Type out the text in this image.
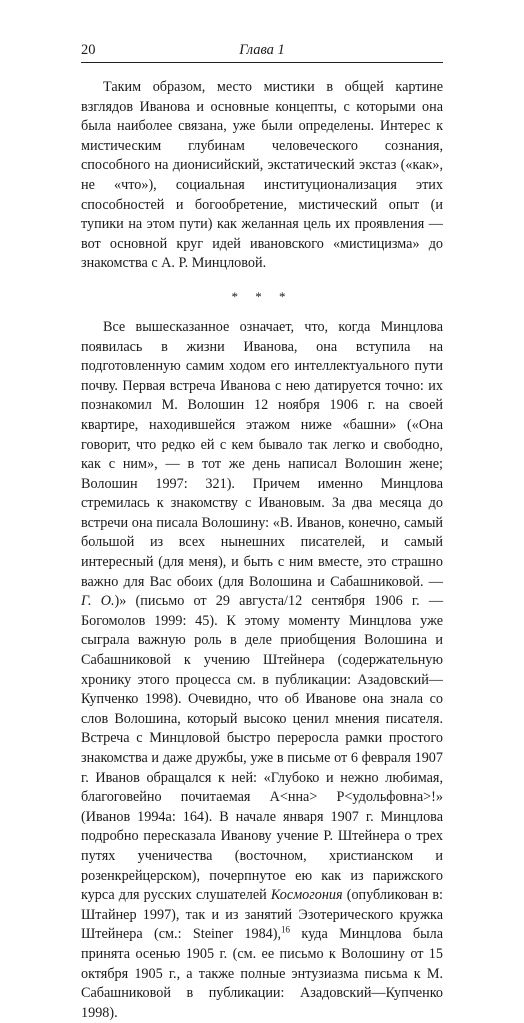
20	Глава 1

Таким образом, место мистики в общей картине взглядов Иванова и основные концепты, с которыми она была наиболее связана, уже были определены. Интерес к мистическим глубинам человеческого сознания, способного на дионисийский, экстатический экстаз («как», не «что»), социальная институционализация этих способностей и богообретение, мистический опыт (и тупики на этом пути) как желанная цель их проявления — вот основной круг идей ивановского «мистицизма» до знакомства с А. Р. Минцловой.

* * *

Все вышесказанное означает, что, когда Минцлова появилась в жизни Иванова, она вступила на подготовленную самим ходом его интеллектуального пути почву. Первая встреча Иванова с нею датируется точно: их познакомил М. Волошин 12 ноября 1906 г. на своей квартире, находившейся этажом ниже «башни» («Она говорит, что редко ей с кем бывало так легко и свободно, как с ним», — в тот же день написал Волошин жене; Волошин 1997: 321). Причем именно Минцлова стремилась к знакомству с Ивановым. За два месяца до встречи она писала Волошину: «В. Иванов, конечно, самый большой из всех нынешних писателей, и самый интересный (для меня), и быть с ним вместе, это страшно важно для Вас обоих (для Волошина и Сабашниковой. — Г. О.)» (письмо от 29 августа/12 сентября 1906 г. — Богомолов 1999: 45). К этому моменту Минцлова уже сыграла важную роль в деле приобщения Волошина и Сабашниковой к учению Штейнера (содержательную хронику этого процесса см. в публикации: Азадовский—Купченко 1998). Очевидно, что об Иванове она знала со слов Волошина, который высоко ценил мнения писателя. Встреча с Минцловой быстро переросла рамки простого знакомства и даже дружбы, уже в письме от 6 февраля 1907 г. Иванов обращался к ней: «Глубоко и нежно любимая, благоговейно почитаемая А<нна> Р<удольфовна>!» (Иванов 1994а: 164). В начале января 1907 г. Минцлова подробно пересказала Иванову учение Р. Штейнера о трех путях ученичества (восточном, христианском и розенкрейцерском), почерпнутое ею как из парижского курса для русских слушателей Космогония (опубликован в: Штайнер 1997), так и из занятий Эзотерического кружка Штейнера (см.: Steiner 1984),$^{16}$ куда Минцлова была принята осенью 1905 г. (см. ее письмо к Волошину от 15 октября 1905 г., а также полные энтузиазма письма к М. Сабашниковой в публикации: Азадовский—Купченко 1998).
